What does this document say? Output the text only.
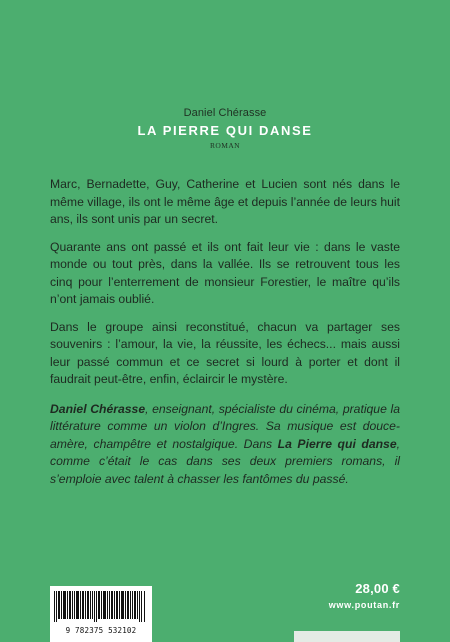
Daniel Chérasse
LA PIERRE QUI DANSE
ROMAN

Marc, Bernadette, Guy, Catherine et Lucien sont nés dans le même village, ils ont le même âge et depuis l’année de leurs huit ans, ils sont unis par un secret.

Quarante ans ont passé et ils ont fait leur vie : dans le vaste monde ou tout près, dans la vallée. Ils se retrouvent tous les cinq pour l’enterrement de monsieur Forestier, le maître qu’ils n’ont jamais oublié.

Dans le groupe ainsi reconstitué, chacun va partager ses souvenirs : l’amour, la vie, la réussite, les échecs... mais aussi leur passé commun et ce secret si lourd à porter et dont il faudrait peut-être, enfin, éclaircir le mystère.

Daniel Chérasse, enseignant, spécialiste du cinéma, pratique la littérature comme un violon d’Ingres. Sa musique est douce-amère, champêtre et nostalgique. Dans La Pierre qui danse, comme c’était le cas dans ses deux premiers romans, il s’emploie avec talent à chasser les fantômes du passé.

9 782375 532102
28,00 €
www.poutan.fr
